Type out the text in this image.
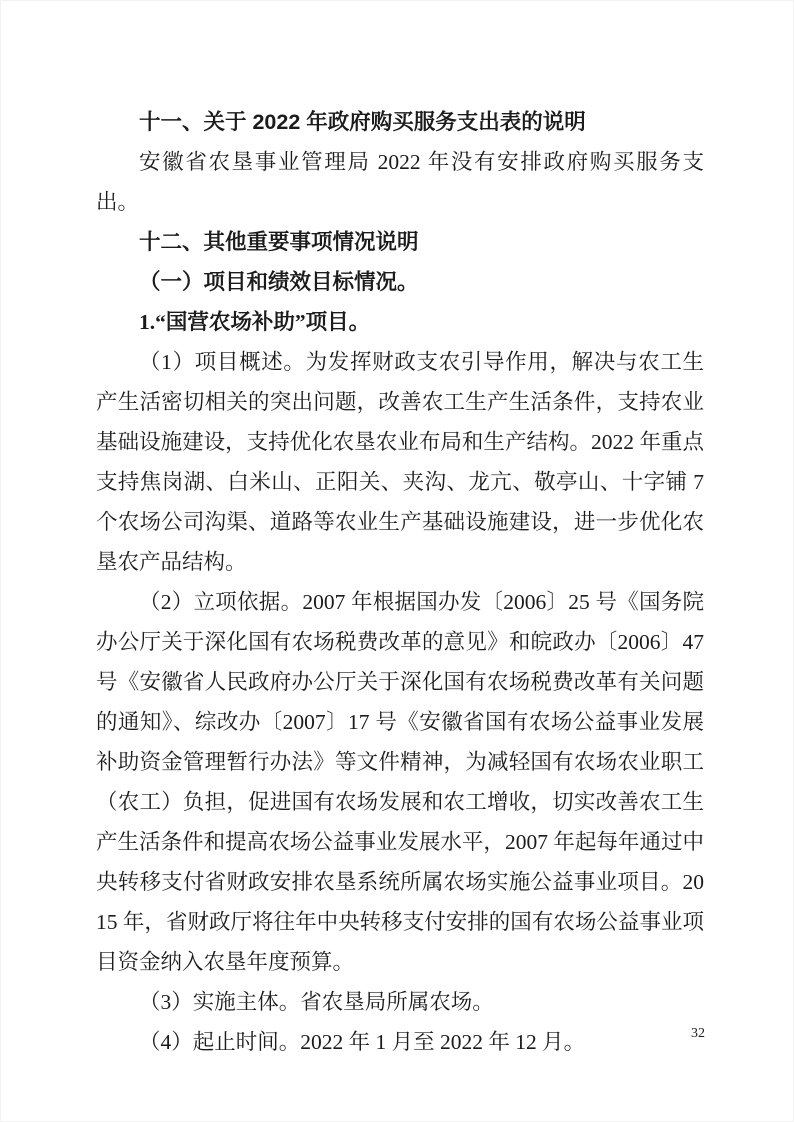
十一、关于 2022 年政府购买服务支出表的说明

安徽省农垦事业管理局 2022 年没有安排政府购买服务支出。

十二、其他重要事项情况说明

（一）项目和绩效目标情况。

1.“国营农场补助”项目。

（1）项目概述。为发挥财政支农引导作用，解决与农工生产生活密切相关的突出问题，改善农工生产生活条件，支持农业基础设施建设，支持优化农垦农业布局和生产结构。2022 年重点支持焦岗湖、白米山、正阳关、夹沟、龙亢、敬亭山、十字铺 7 个农场公司沟渠、道路等农业生产基础设施建设，进一步优化农垦农产品结构。

（2）立项依据。2007 年根据国办发〔2006〕25 号《国务院办公厅关于深化国有农场税费改革的意见》和皖政办〔2006〕47 号《安徽省人民政府办公厅关于深化国有农场税费改革有关问题的通知》、综改办〔2007〕17 号《安徽省国有农场公益事业发展补助资金管理暂行办法》等文件精神，为减轻国有农场农业职工（农工）负担，促进国有农场发展和农工增收，切实改善农工生产生活条件和提高农场公益事业发展水平，2007 年起每年通过中央转移支付省财政安排农垦系统所属农场实施公益事业项目。2015 年，省财政厅将往年中央转移支付安排的国有农场公益事业项目资金纳入农垦年度预算。

（3）实施主体。省农垦局所属农场。

（4）起止时间。2022 年 1 月至 2022 年 12 月。	32
